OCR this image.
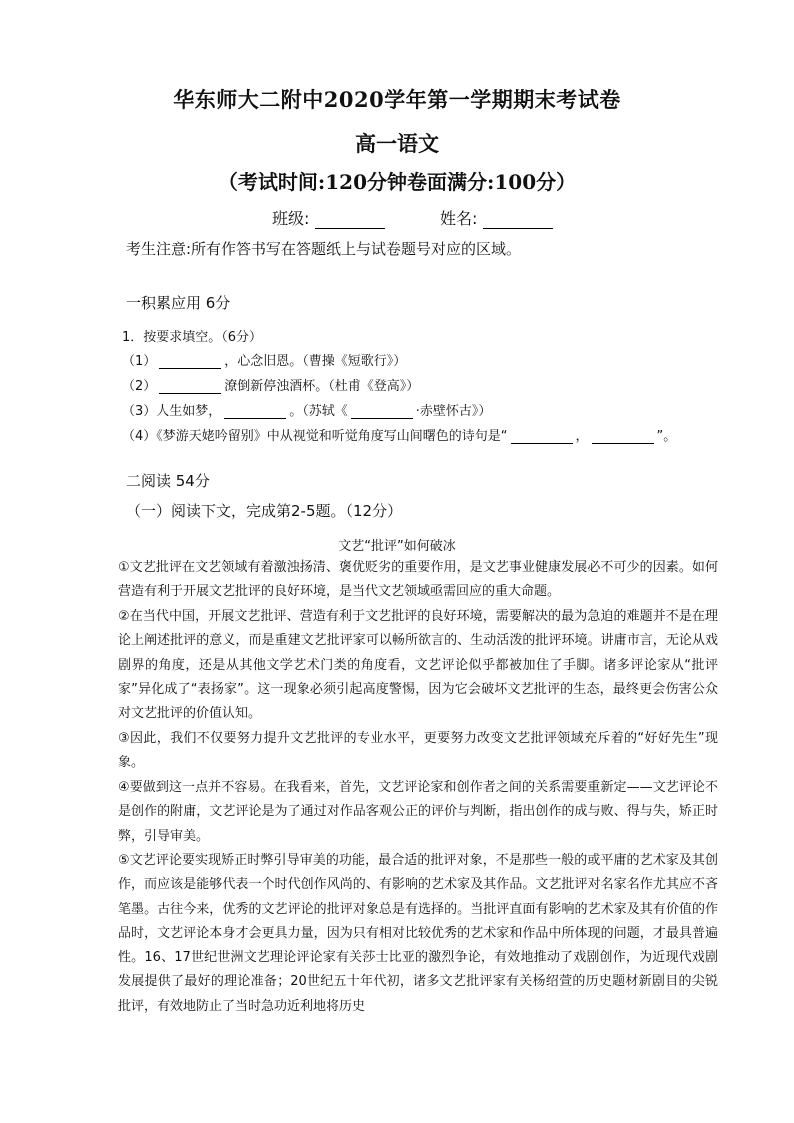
华东师大二附中2020学年第一学期期末考试卷
高一语文
（考试时间:120分钟卷面满分:100分）
班级:	姓名:
考生注意:所有作答书写在答题纸上与试卷题号对应的区域。
一积累应用 6分
1．按要求填空。（6分）
（1）	，心念旧恩。（曹操《短歌行》）
（2）	潦倒新停浊酒杯。（杜甫《登高》）
（3）人生如梦，	。（苏轼《	·赤壁怀古》）
（4）《梦游天姥吟留别》中从视觉和听觉角度写山间曙色的诗句是“	，	”。
二阅读 54分
（一）阅读下文，完成第2-5题。（12分）
文艺“批评”如何破冰
①文艺批评在文艺领域有着激浊扬清、褒优贬劣的重要作用，是文艺事业健康发展必不可少的因素。如何营造有利于开展文艺批评的良好环境，是当代文艺领域亟需回应的重大命题。
②在当代中国，开展文艺批评、营造有利于文艺批评的良好环境，需要解决的最为急迫的难题并不是在理论上阐述批评的意义，而是重建文艺批评家可以畅所欲言的、生动活泼的批评环境。讲庸市言，无论从戏剧界的角度，还是从其他文学艺术门类的角度看，文艺评论似乎都被加住了手脚。诸多评论家从“批评家”异化成了“表扬家”。这一现象必须引起高度警惕，因为它会破坏文艺批评的生态，最终更会伤害公众对文艺批评的价值认知。
③因此，我们不仅要努力提升文艺批评的专业水平，更要努力改变文艺批评领域充斥着的“好好先生”现象。
④要做到这一点并不容易。在我看来，首先，文艺评论家和创作者之间的关系需要重新定——文艺评论不是创作的附庸，文艺评论是为了通过对作品客观公正的评价与判断，指出创作的成与败、得与失，矫正时弊，引导审美。
⑤文艺评论要实现矫正时弊引导审美的功能，最合适的批评对象，不是那些一般的或平庸的艺术家及其创作，而应该是能够代表一个时代创作风尚的、有影响的艺术家及其作品。文艺批评对名家名作尤其应不吝笔墨。古往今来，优秀的文艺评论的批评对象总是有选择的。当批评直面有影响的艺术家及其有价值的作品时，文艺评论本身才会更具力量，因为只有相对比较优秀的艺术家和作品中所体现的问题，才最具普遍性。16、17世纪世洲文艺理论评论家有关莎士比亚的激烈争论，有效地推动了戏剧创作，为近现代戏剧发展提供了最好的理论准备；20世纪五十年代初，诸多文艺批评家有关杨绍萱的历史题材新剧目的尖锐批评，有效地防止了当时急功近利地将历史
